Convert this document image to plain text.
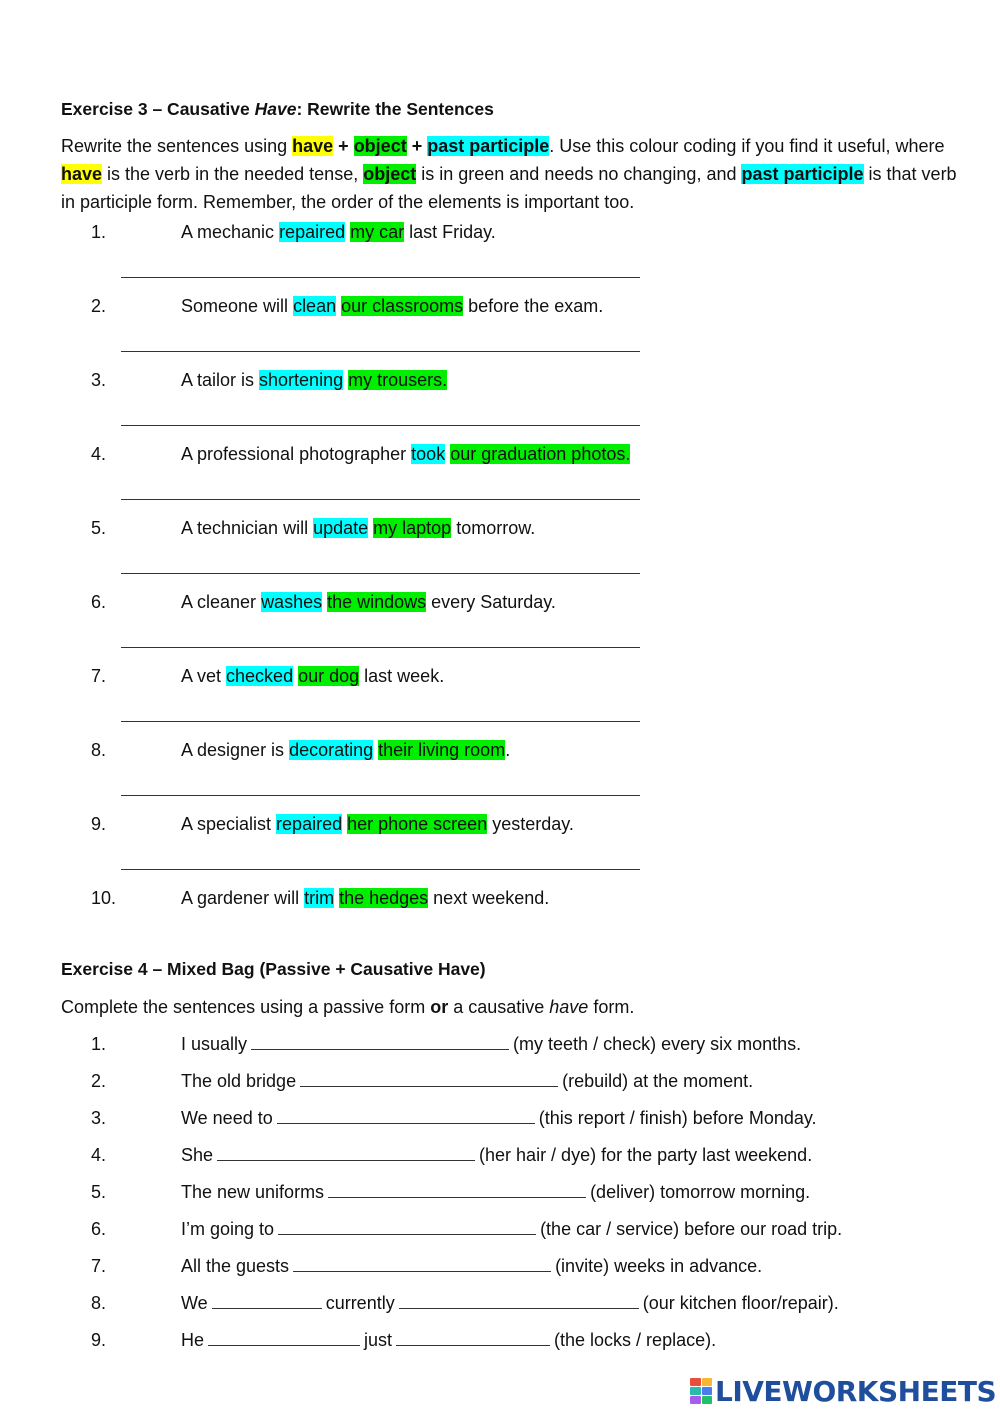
Exercise 3 – Causative Have: Rewrite the Sentences
Rewrite the sentences using have + object + past participle. Use this colour coding if you find it useful, where have is the verb in the needed tense, object is in green and needs no changing, and past participle is that verb in participle form. Remember, the order of the elements is important too.
1.	A mechanic repaired my car last Friday.
2.	Someone will clean our classrooms before the exam.
3.	A tailor is shortening my trousers.
4.	A professional photographer took our graduation photos.
5.	A technician will update my laptop tomorrow.
6.	A cleaner washes the windows every Saturday.
7.	A vet checked our dog last week.
8.	A designer is decorating their living room.
9.	A specialist repaired her phone screen yesterday.
10.	A gardener will trim the hedges next weekend.
Exercise 4 – Mixed Bag (Passive + Causative Have)
Complete the sentences using a passive form or a causative have form.
1.	I usually	(my teeth / check) every six months.
2.	The old bridge	(rebuild) at the moment.
3.	We need to	(this report / finish) before Monday.
4.	She	(her hair / dye) for the party last weekend.
5.	The new uniforms	(deliver) tomorrow morning.
6.	I’m going to	(the car / service) before our road trip.
7.	All the guests	(invite) weeks in advance.
8.	We	currently	(our kitchen floor/repair).
9.	He	just	(the locks / replace).
LIVEWORKSHEETS
